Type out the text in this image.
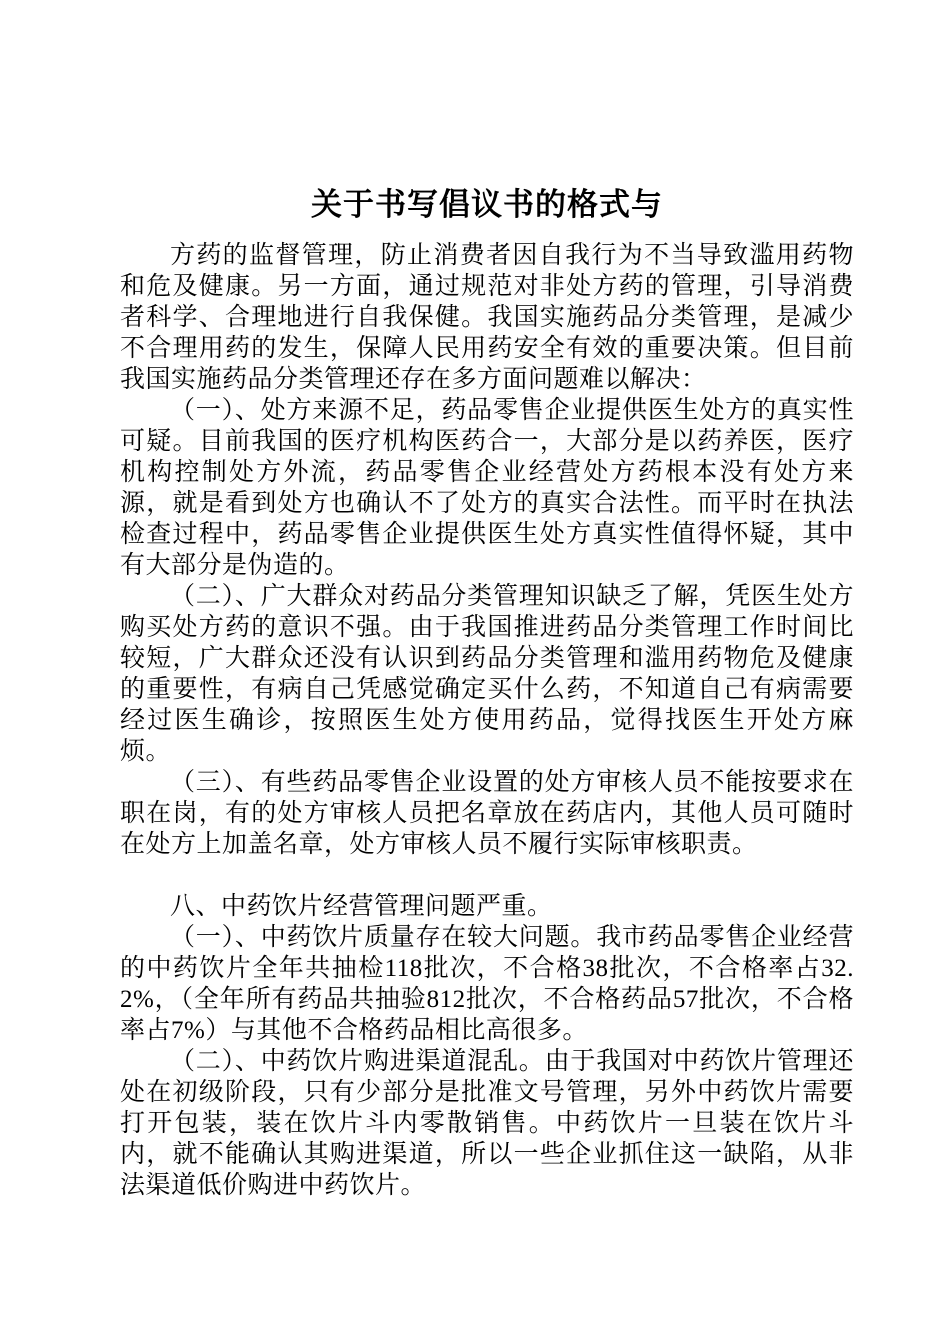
关于书写倡议书的格式与

方药的监督管理，防止消费者因自我行为不当导致滥用药物和危及健康。另一方面，通过规范对非处方药的管理，引导消费者科学、合理地进行自我保健。我国实施药品分类管理，是减少不合理用药的发生，保障人民用药安全有效的重要决策。但目前我国实施药品分类管理还存在多方面问题难以解决：

（一）、处方来源不足，药品零售企业提供医生处方的真实性可疑。目前我国的医疗机构医药合一，大部分是以药养医，医疗机构控制处方外流，药品零售企业经营处方药根本没有处方来源，就是看到处方也确认不了处方的真实合法性。而平时在执法检查过程中，药品零售企业提供医生处方真实性值得怀疑，其中有大部分是伪造的。

（二）、广大群众对药品分类管理知识缺乏了解，凭医生处方购买处方药的意识不强。由于我国推进药品分类管理工作时间比较短，广大群众还没有认识到药品分类管理和滥用药物危及健康的重要性，有病自己凭感觉确定买什么药，不知道自己有病需要经过医生确诊，按照医生处方使用药品，觉得找医生开处方麻烦。

（三）、有些药品零售企业设置的处方审核人员不能按要求在职在岗，有的处方审核人员把名章放在药店内，其他人员可随时在处方上加盖名章，处方审核人员不履行实际审核职责。

八、中药饮片经营管理问题严重。

（一）、中药饮片质量存在较大问题。我市药品零售企业经营的中药饮片全年共抽检118批次，不合格38批次，不合格率占32.2%，（全年所有药品共抽验812批次，不合格药品57批次，不合格率占7%）与其他不合格药品相比高很多。

（二）、中药饮片购进渠道混乱。由于我国对中药饮片管理还处在初级阶段，只有少部分是批准文号管理，另外中药饮片需要打开包装，装在饮片斗内零散销售。中药饮片一旦装在饮片斗内，就不能确认其购进渠道，所以一些企业抓住这一缺陷，从非法渠道低价购进中药饮片。
